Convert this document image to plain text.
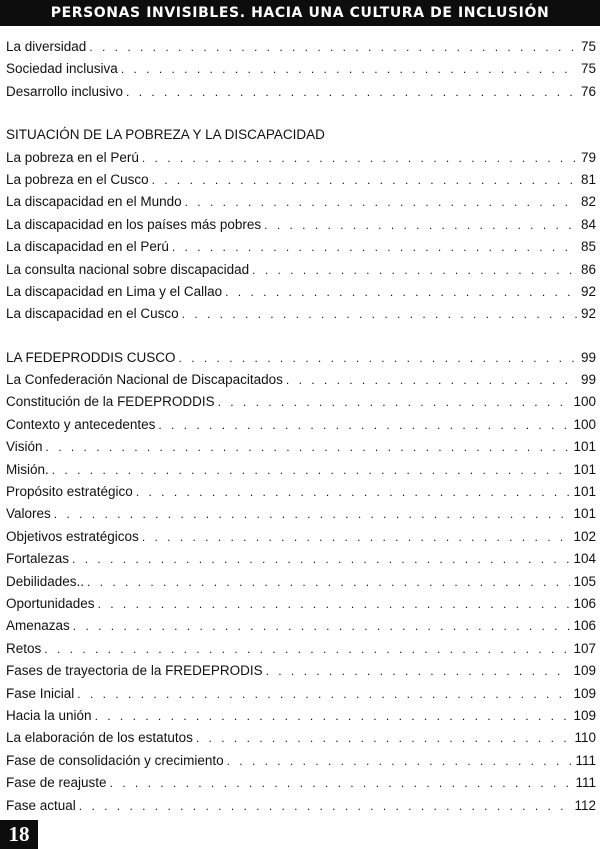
PERSONAS INVISIBLES. HACIA UNA CULTURA DE INCLUSIÓN
La diversidad . . .	75
Sociedad inclusiva . . .	75
Desarrollo inclusivo . . .	76
SITUACIÓN DE LA POBREZA Y LA DISCAPACIDAD
La pobreza en el Perú . . .	79
La pobreza en el Cusco . . .	81
La discapacidad en el Mundo . . .	82
La discapacidad en los países más pobres . . .	84
La discapacidad en el Perú . . .	85
La consulta nacional sobre discapacidad . . .	86
La discapacidad en Lima y el Callao . . .	92
La discapacidad en el Cusco . . .	92
LA FEDEPRODDIS CUSCO . . .	99
La Confederación Nacional de Discapacitados . . .	99
Constitución de la FEDEPRODDIS . . .	100
Contexto y antecedentes . . .	100
Visión . . .	101
Misión. . . .	101
Propósito estratégico . . .	101
Valores . . .	101
Objetivos estratégicos . . .	102
Fortalezas . . .	104
Debilidades.. . . .	105
Oportunidades . . .	106
Amenazas . . .	106
Retos . . .	107
Fases de trayectoria de la FREDEPRODIS . . .	109
Fase Inicial . . .	109
Hacia la unión . . .	109
La elaboración de los estatutos . . .	110
Fase de consolidación y crecimiento . . .	111
Fase de reajuste . . .	111
Fase actual . . .	112
18
